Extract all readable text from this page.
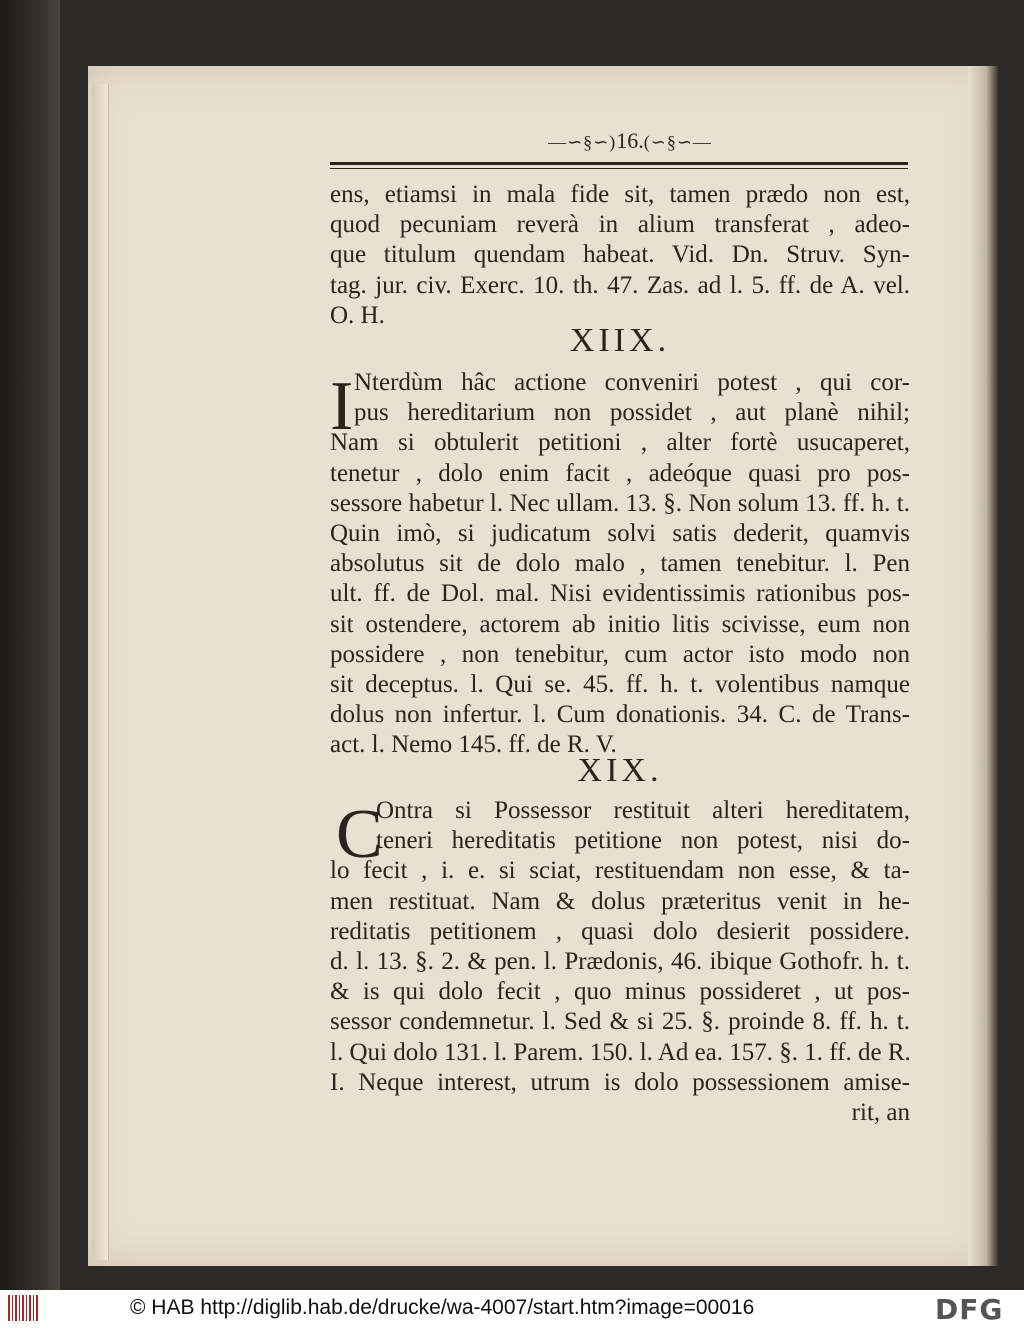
—∽§∽)16.(∽§∽—
ens, etiamsi in mala fide sit, tamen prædo non est,
quod pecuniam reverà in alium transferat , adeo-
que titulum quendam habeat. Vid. Dn. Struv. Syn-
tag. jur. civ. Exerc. 10. th. 47. Zas. ad l. 5. ff. de A. vel.
O. H.
XIIX.
I Nterdùm hâc actione conveniri potest , qui cor-
pus hereditarium non possidet , aut planè nihil;
Nam si obtulerit petitioni , alter fortè usucaperet,
tenetur , dolo enim facit , adeóque quasi pro pos-
sessore habetur l. Nec ullam. 13. §. Non solum 13. ff. h. t.
Quin imò, si judicatum solvi satis dederit, quamvis
absolutus sit de dolo malo , tamen tenebitur. l. Pen
ult. ff. de Dol. mal. Nisi evidentissimis rationibus pos-
sit ostendere, actorem ab initio litis scivisse, eum non
possidere , non tenebitur, cum actor isto modo non
sit deceptus. l. Qui se. 45. ff. h. t. volentibus namque
dolus non infertur. l. Cum donationis. 34. C. de Trans-
act. l. Nemo 145. ff. de R. V.
XIX.
C
Ontra si Possessor restituit alteri hereditatem,
teneri hereditatis petitione non potest, nisi do-
lo fecit , i. e. si sciat, restituendam non esse, & ta-
men restituat. Nam & dolus præteritus venit in he-
reditatis petitionem , quasi dolo desierit possidere.
d. l. 13. §. 2. & pen. l. Prædonis, 46. ibique Gothofr. h. t.
& is qui dolo fecit , quo minus possideret , ut pos-
sessor condemnetur. l. Sed & si 25. §. proinde 8. ff. h. t.
l. Qui dolo 131. l. Parem. 150. l. Ad ea. 157. §. 1. ff. de R.
I. Neque interest, utrum is dolo possessionem amise-
rit, an
© HAB http://diglib.hab.de/drucke/wa-4007/start.htm?image=00016	DFG
